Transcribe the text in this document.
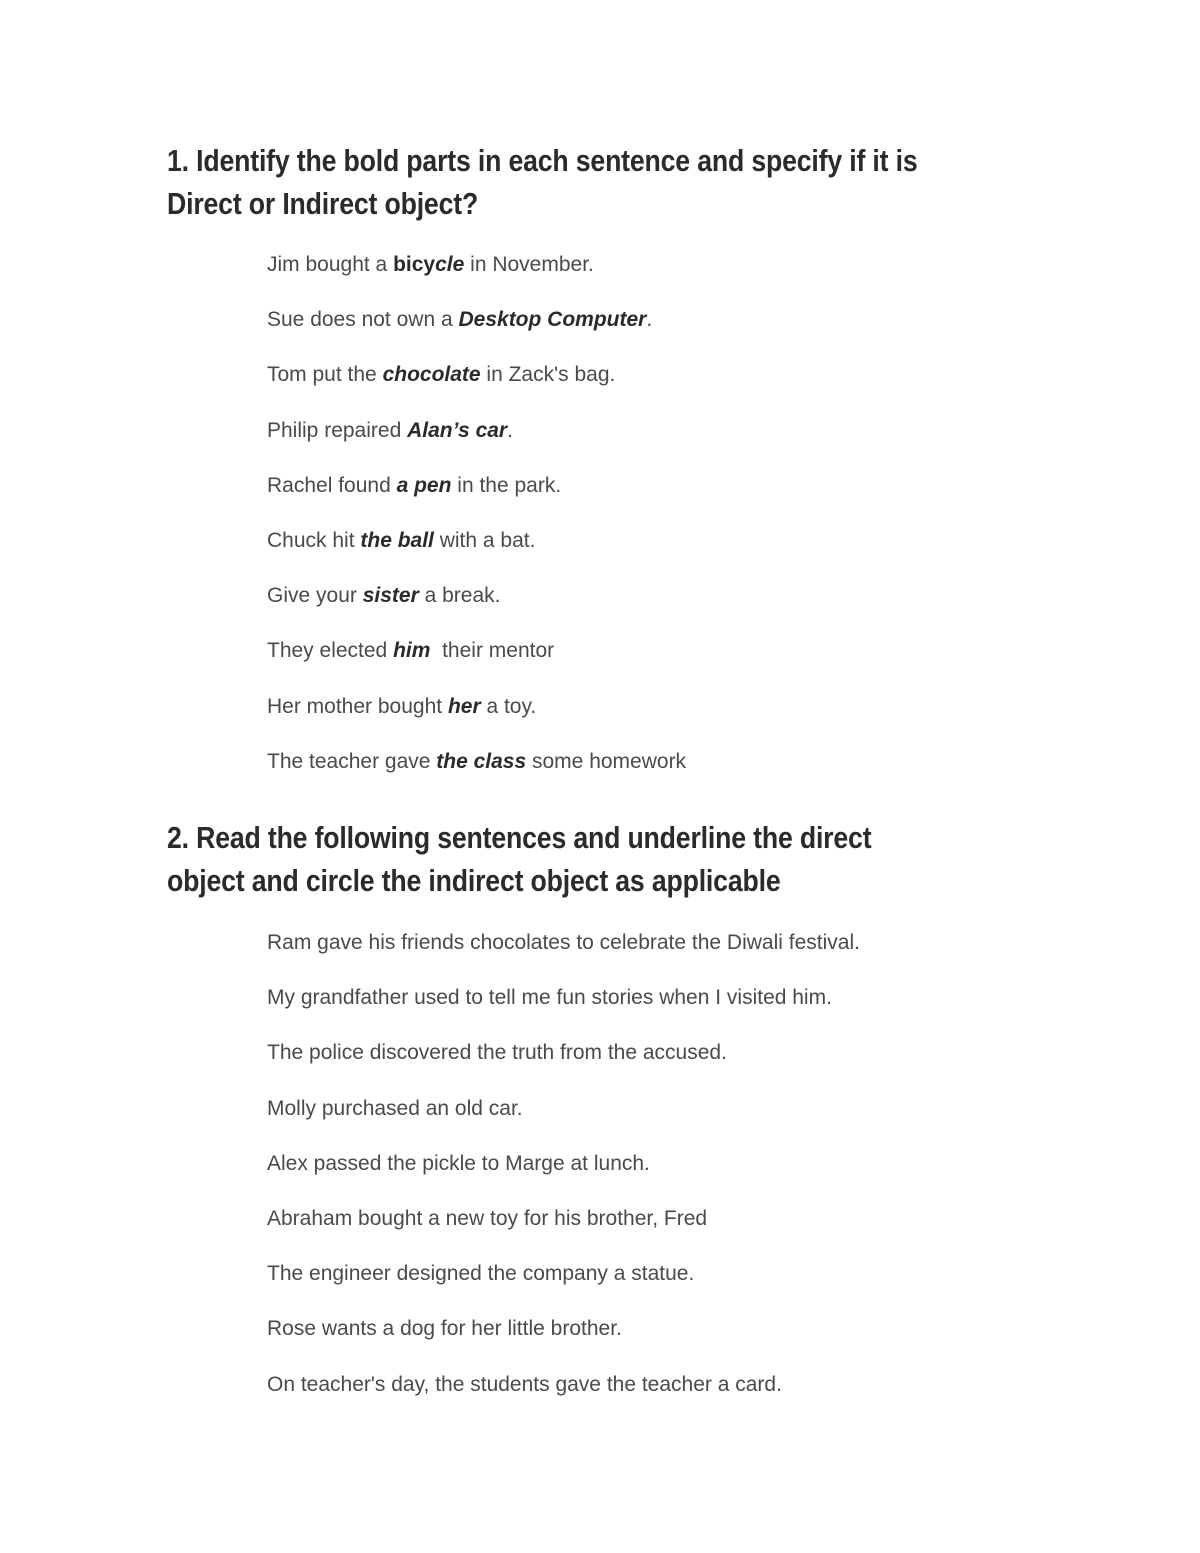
1. Identify the bold parts in each sentence and specify if it is
Direct or Indirect object?
Jim bought a bicycle in November.
Sue does not own a Desktop Computer.
Tom put the chocolate in Zack's bag.
Philip repaired Alan’s car.
Rachel found a pen in the park.
Chuck hit the ball with a bat.
Give your sister a break.
They elected him  their mentor
Her mother bought her a toy.
The teacher gave the class some homework
2. Read the following sentences and underline the direct
object and circle the indirect object as applicable
Ram gave his friends chocolates to celebrate the Diwali festival.
My grandfather used to tell me fun stories when I visited him.
The police discovered the truth from the accused.
Molly purchased an old car.
Alex passed the pickle to Marge at lunch.
Abraham bought a new toy for his brother, Fred
The engineer designed the company a statue.
Rose wants a dog for her little brother.
On teacher's day, the students gave the teacher a card.
